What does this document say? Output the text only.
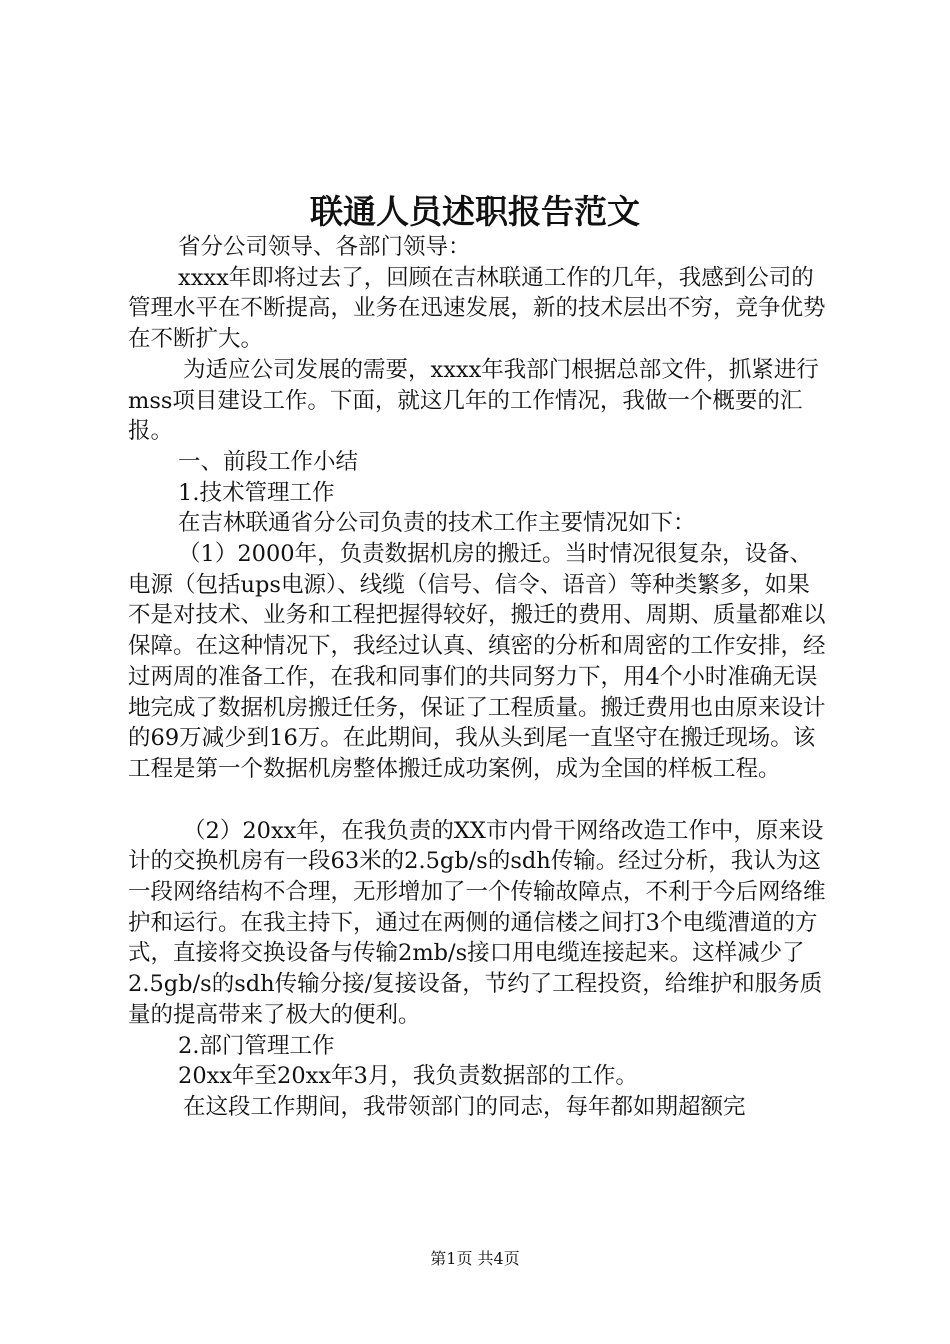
联通人员述职报告范文

省分公司领导、各部门领导：

xxxx年即将过去了，回顾在吉林联通工作的几年，我感到公司的管理水平在不断提高，业务在迅速发展，新的技术层出不穷，竞争优势在不断扩大。

为适应公司发展的需要，xxxx年我部门根据总部文件，抓紧进行mss项目建设工作。下面，就这几年的工作情况，我做一个概要的汇报。

一、前段工作小结

1.技术管理工作

在吉林联通省分公司负责的技术工作主要情况如下：

（1）2000年，负责数据机房的搬迁。当时情况很复杂，设备、电源（包括ups电源）、线缆（信号、信令、语音）等种类繁多，如果不是对技术、业务和工程把握得较好，搬迁的费用、周期、质量都难以保障。在这种情况下，我经过认真、缜密的分析和周密的工作安排，经过两周的准备工作，在我和同事们的共同努力下，用4个小时准确无误地完成了数据机房搬迁任务，保证了工程质量。搬迁费用也由原来设计的69万减少到16万。在此期间，我从头到尾一直坚守在搬迁现场。该工程是第一个数据机房整体搬迁成功案例，成为全国的样板工程。

（2）20xx年，在我负责的XX市内骨干网络改造工作中，原来设计的交换机房有一段63米的2.5gb/s的sdh传输。经过分析，我认为这一段网络结构不合理，无形增加了一个传输故障点，不利于今后网络维护和运行。在我主持下，通过在两侧的通信楼之间打3个电缆漕道的方式，直接将交换设备与传输2mb/s接口用电缆连接起来。这样减少了2.5gb/s的sdh传输分接/复接设备，节约了工程投资，给维护和服务质量的提高带来了极大的便利。

2.部门管理工作

20xx年至20xx年3月，我负责数据部的工作。

在这段工作期间，我带领部门的同志，每年都如期超额完

第1页 共4页
